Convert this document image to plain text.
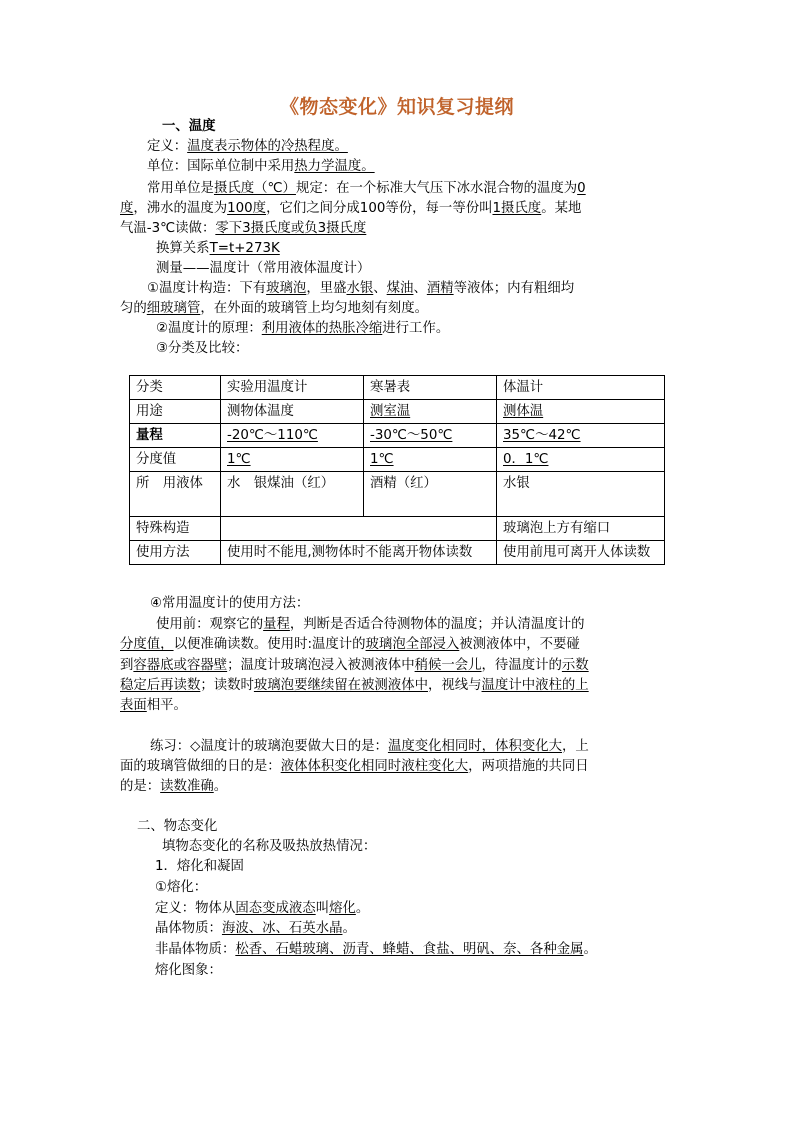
《物态变化》知识复习提纲
一、温度
定义：温度表示物体的冷热程度。
单位：国际单位制中采用热力学温度。
常用单位是摄氏度（℃）规定：在一个标准大气压下冰水混合物的温度为0
度，沸水的温度为100度，它们之间分成100等份，每一等份叫1摄氏度。某地
气温-3℃读做：零下3摄氏度或负3摄氏度
换算关系T=t+273K
测量——温度计（常用液体温度计）
①温度计构造：下有玻璃泡，里盛水银、煤油、酒精等液体；内有粗细均
匀的细玻璃管，在外面的玻璃管上均匀地刻有刻度。
②温度计的原理：利用液体的热胀冷缩进行工作。
③分类及比较：
分类	实验用温度计	寒暑表	体温计
用途	测物体温度	测室温	测体温
量程	-20℃～110℃	-30℃～50℃	35℃～42℃
分度值	1℃	1℃	0．1℃
所　用液体	水　银煤油（红）	酒精（红）	水银
特殊构造			玻璃泡上方有缩口
使用方法	使用时不能甩,测物体时不能离开物体读数		使用前甩可离开人体读数
④常用温度计的使用方法：
使用前：观察它的量程，判断是否适合待测物体的温度；并认清温度计的
分度值，以便准确读数。使用时:温度计的玻璃泡全部浸入被测液体中，不要碰
到容器底或容器壁；温度计玻璃泡浸入被测液体中稍候一会儿，待温度计的示数
稳定后再读数；读数时玻璃泡要继续留在被测液体中，视线与温度计中液柱的上
表面相平。
练习：◇温度计的玻璃泡要做大日的是：温度变化相同时，体积变化大，上
面的玻璃管做细的日的是：液体体积变化相同时液柱变化大，两项措施的共同日
的是：读数准确。
二、物态变化
填物态变化的名称及吸热放热情况：
1．熔化和凝固
①熔化：
定义：物体从固态变成液态叫熔化。
晶体物质：海波、冰、石英水晶。
非晶体物质：松香、石蜡玻璃、沥青、蜂蜡、食盐、明矾、奈、各种金属。
熔化图象：
